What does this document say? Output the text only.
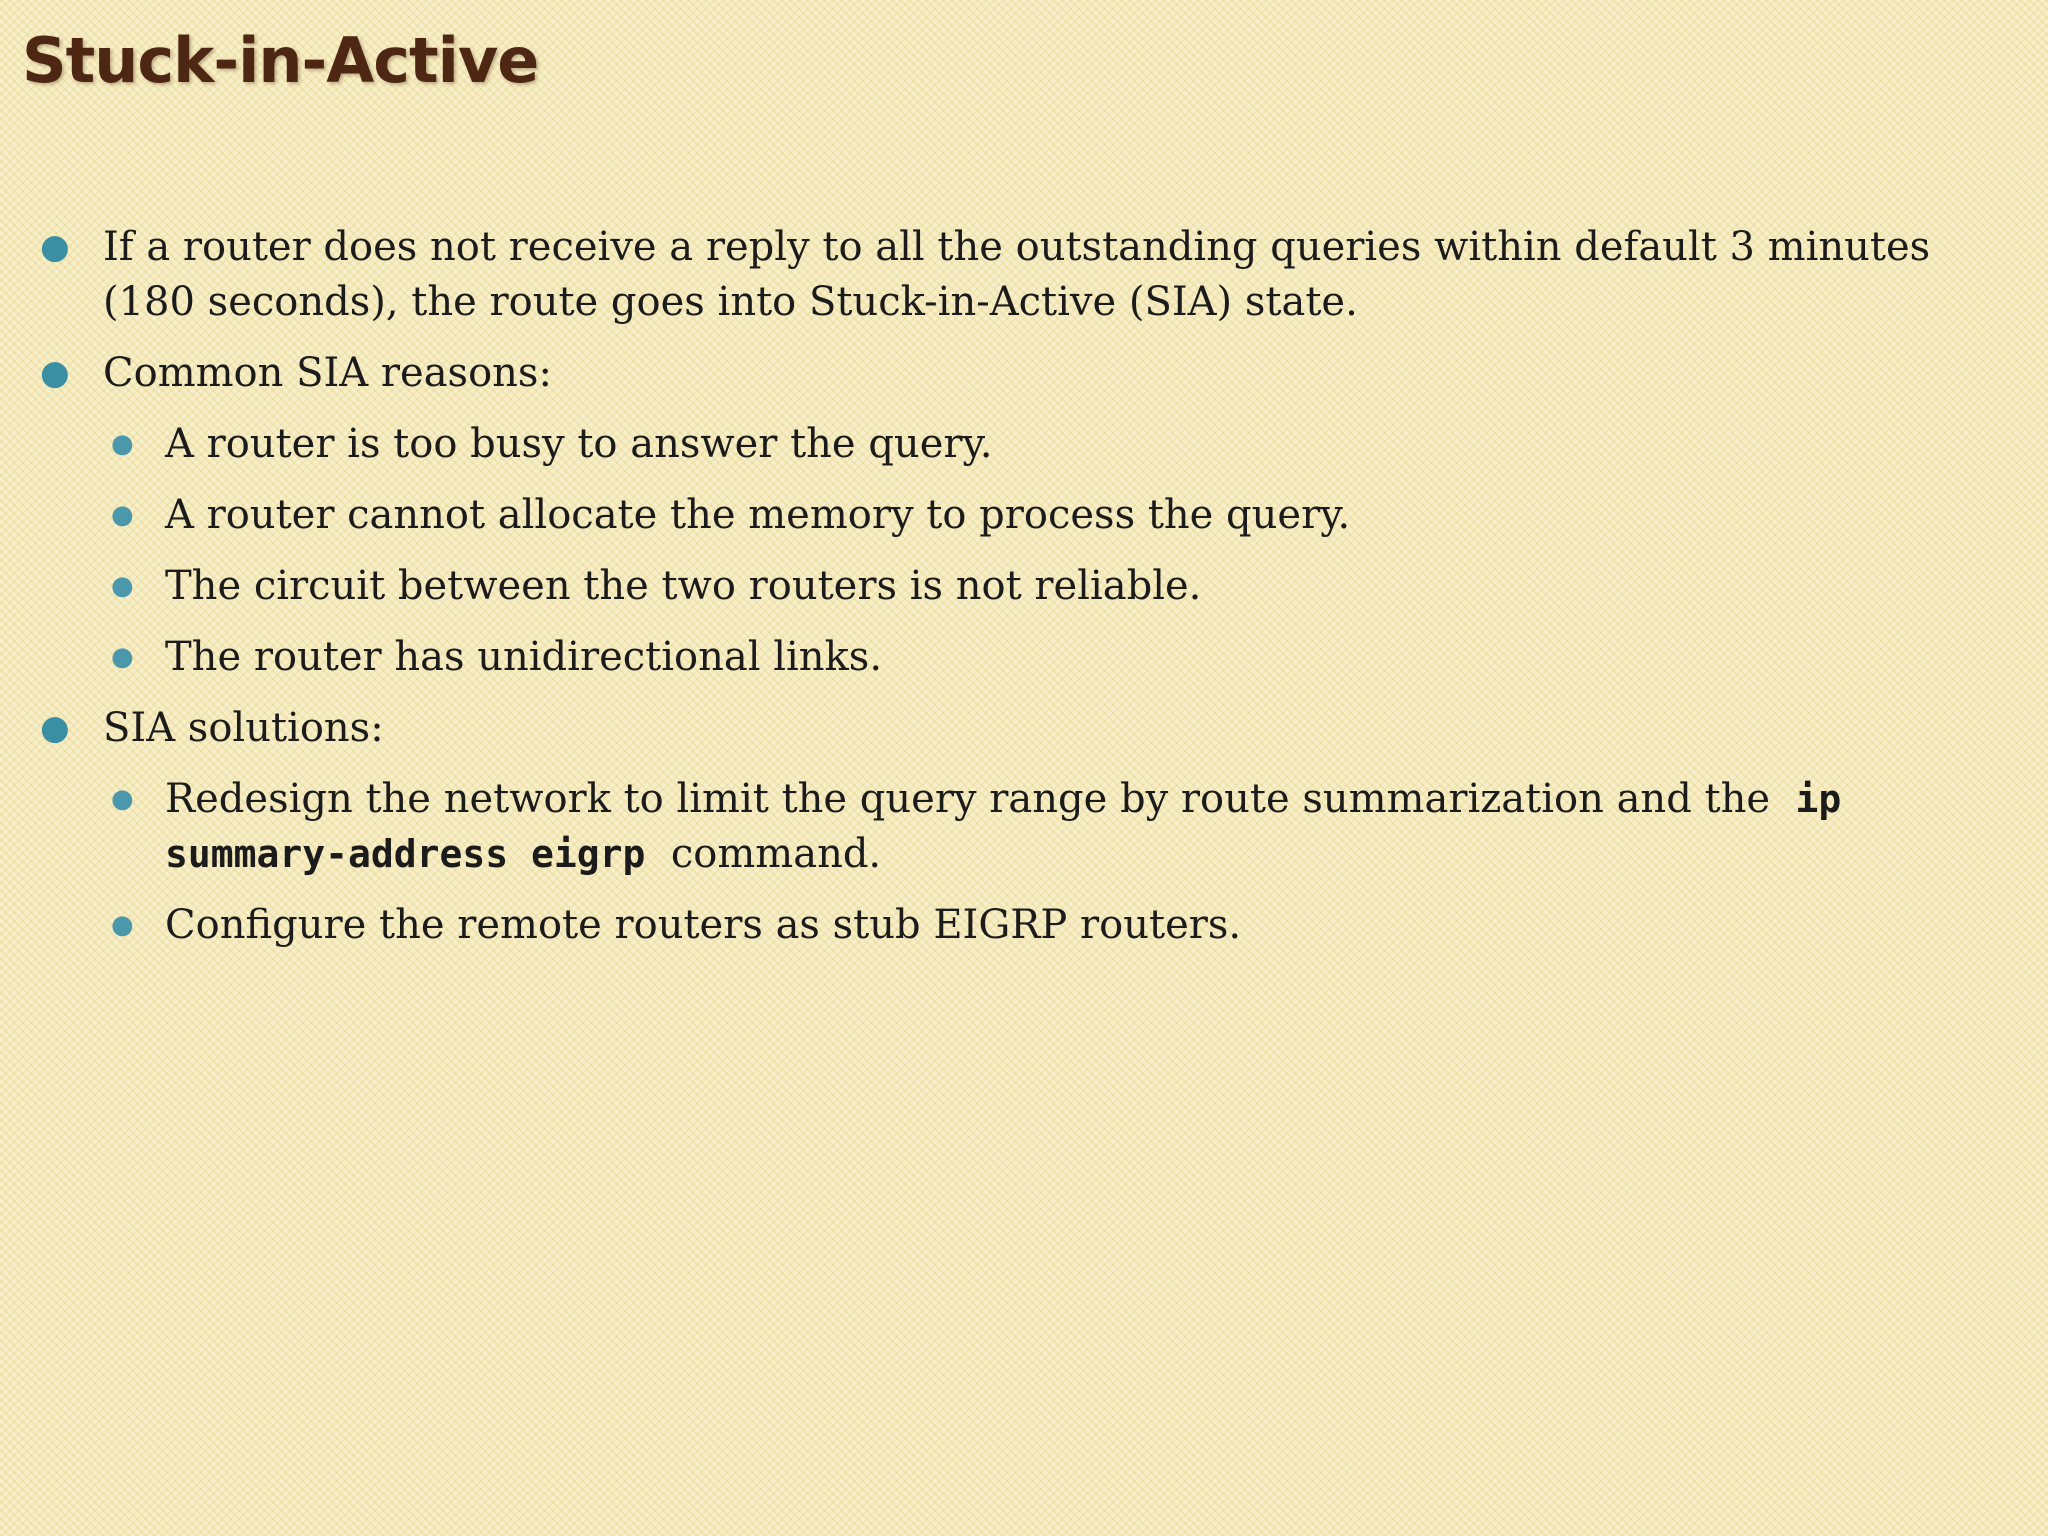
Stuck-in-Active
● If a router does not receive a reply to all the outstanding queries within default 3 minutes (180 seconds), the route goes into Stuck-in-Active (SIA) state.
● Common SIA reasons:
● A router is too busy to answer the query.
● A router cannot allocate the memory to process the query.
● The circuit between the two routers is not reliable.
● The router has unidirectional links.
● SIA solutions:
● Redesign the network to limit the query range by route summarization and the ip summary-address eigrp command.
● Configure the remote routers as stub EIGRP routers.
